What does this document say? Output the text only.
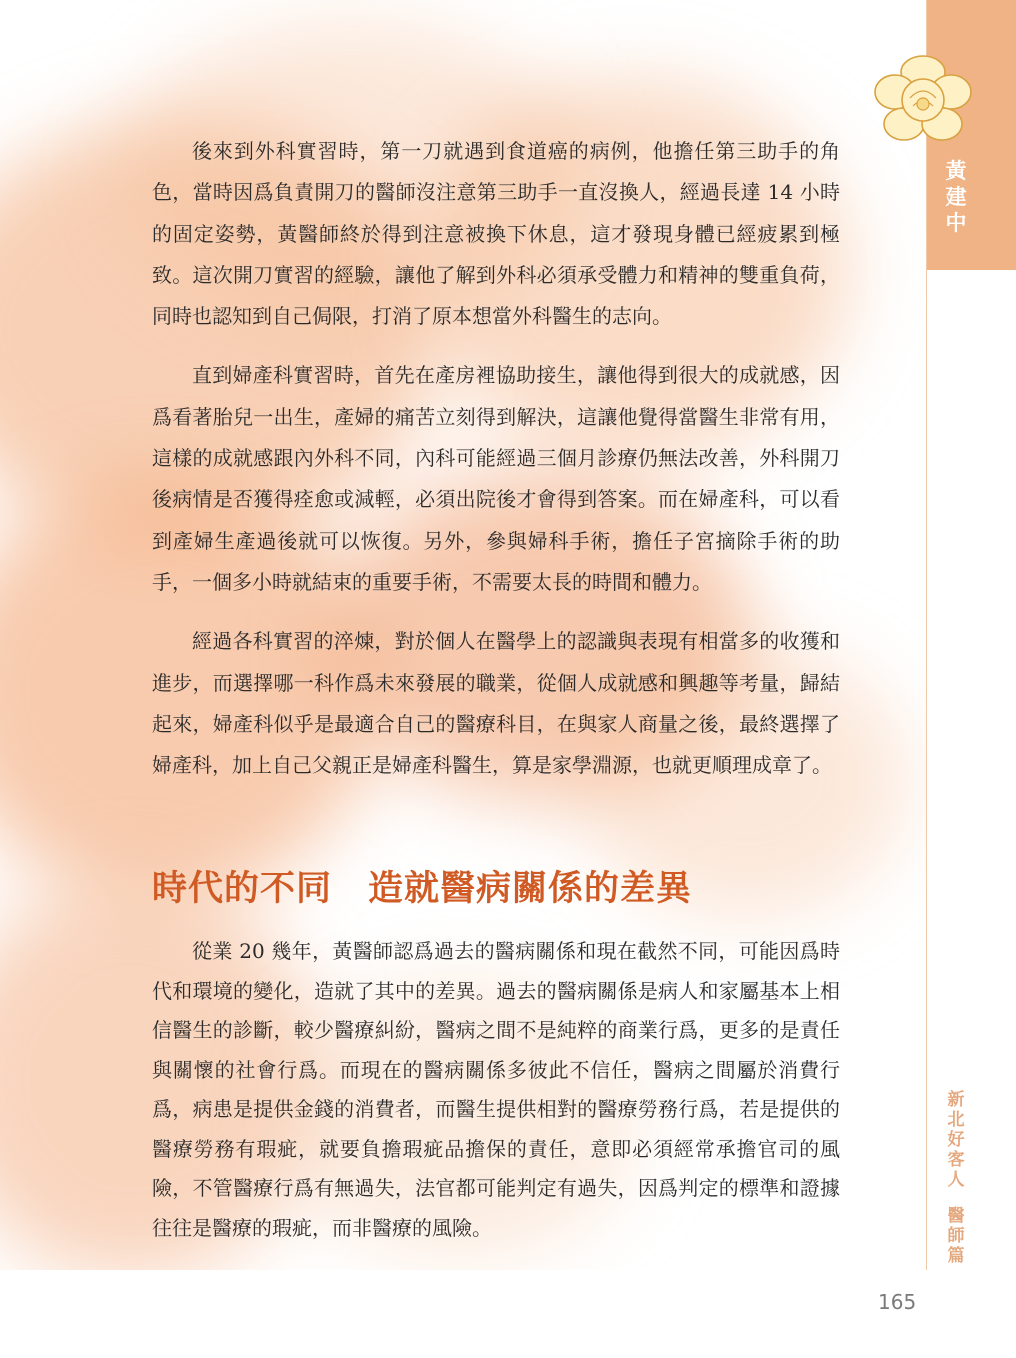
黃建中
新北好客人
醫師篇

後來到外科實習時，第一刀就遇到食道癌的病例，他擔任第三助手的角色，當時因爲負責開刀的醫師沒注意第三助手一直沒換人，經過長達 14 小時的固定姿勢，黃醫師終於得到注意被換下休息，這才發現身體已經疲累到極致。這次開刀實習的經驗，讓他了解到外科必須承受體力和精神的雙重負荷，同時也認知到自己侷限，打消了原本想當外科醫生的志向。

直到婦產科實習時，首先在產房裡協助接生，讓他得到很大的成就感，因爲看著胎兒一出生，產婦的痛苦立刻得到解決，這讓他覺得當醫生非常有用，這樣的成就感跟內外科不同，內科可能經過三個月診療仍無法改善，外科開刀後病情是否獲得痊愈或減輕，必須出院後才會得到答案。而在婦產科，可以看到產婦生產過後就可以恢復。另外，參與婦科手術，擔任子宮摘除手術的助手，一個多小時就結束的重要手術，不需要太長的時間和體力。

經過各科實習的淬煉，對於個人在醫學上的認識與表現有相當多的收獲和進步，而選擇哪一科作爲未來發展的職業，從個人成就感和興趣等考量，歸結起來，婦產科似乎是最適合自己的醫療科目，在與家人商量之後，最終選擇了婦產科，加上自己父親正是婦產科醫生，算是家學淵源，也就更順理成章了。

時代的不同　造就醫病關係的差異

從業 20 幾年，黃醫師認爲過去的醫病關係和現在截然不同，可能因爲時代和環境的變化，造就了其中的差異。過去的醫病關係是病人和家屬基本上相信醫生的診斷，較少醫療糾紛，醫病之間不是純粹的商業行爲，更多的是責任與關懷的社會行爲。而現在的醫病關係多彼此不信任，醫病之間屬於消費行爲，病患是提供金錢的消費者，而醫生提供相對的醫療勞務行爲，若是提供的醫療勞務有瑕疵，就要負擔瑕疵品擔保的責任，意即必須經常承擔官司的風險，不管醫療行爲有無過失，法官都可能判定有過失，因爲判定的標準和證據往往是醫療的瑕疵，而非醫療的風險。

165
